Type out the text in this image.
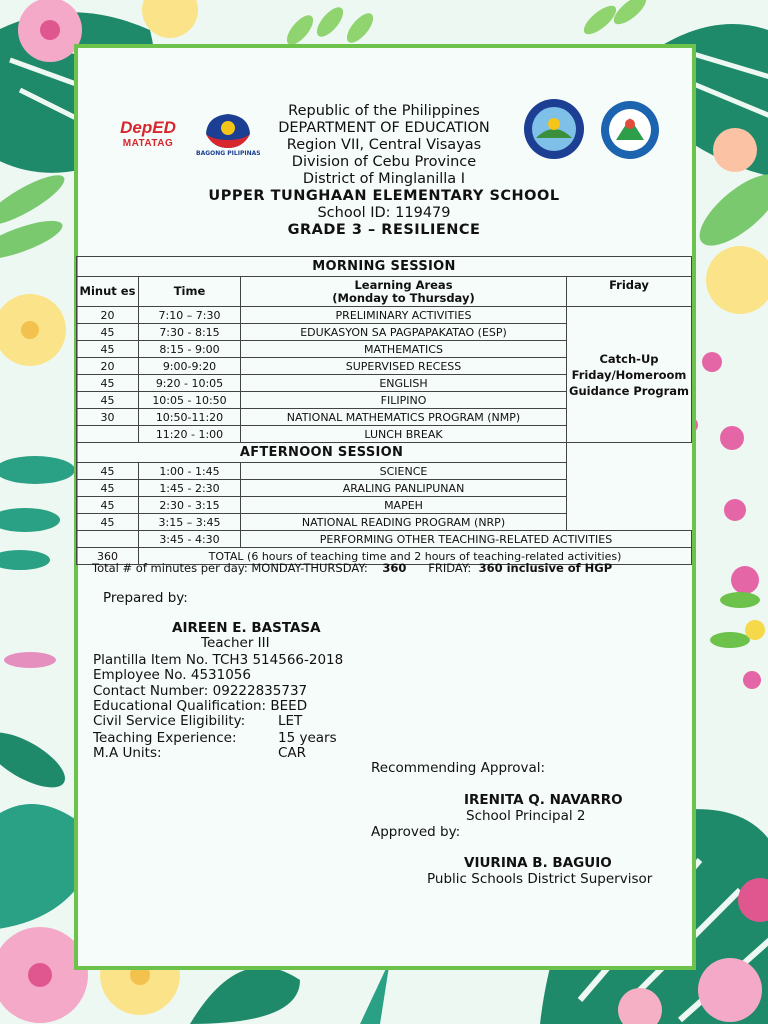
DepED
MATATAG
BAGONG PILIPINAS
Republic of the Philippines
DEPARTMENT OF EDUCATION
Region VII, Central Visayas
Division of Cebu Province
District of Minglanilla I
UPPER TUNGHAAN ELEMENTARY SCHOOL
School ID: 119479
GRADE 3 – RESILIENCE
MORNING SESSION			
Minut es	Time	Learning Areas
(Monday to Thursday)	Friday
20	7:10 – 7:30	PRELIMINARY ACTIVITIES	Catch-Up
Friday/Homeroom
Guidance Program

45	7:30 - 8:15	EDUKASYON SA PAGPAPAKATAO (ESP)	
45	8:15 - 9:00	MATHEMATICS	
20	9:00-9:20	SUPERVISED RECESS	
45	9:20 - 10:05	ENGLISH	
45	10:05 - 10:50	FILIPINO	
30	10:50-11:20	NATIONAL MATHEMATICS PROGRAM (NMP)	
	11:20 - 1:00	LUNCH BREAK	
AFTERNOON SESSION			
45	1:00 - 1:45	SCIENCE	
45	1:45 - 2:30	ARALING PANLIPUNAN	
45	2:30 - 3:15	MAPEH	
45	3:15 – 3:45	NATIONAL READING PROGRAM (NRP)	
	3:45 - 4:30	PERFORMING OTHER TEACHING-RELATED ACTIVITIES	
360	TOTAL (6 hours of teaching time and 2 hours of teaching-related activities)		
Total # of minutes per day: MONDAY-THURSDAY: 360 FRIDAY: 360 inclusive of HGP
Prepared by:
AIREEN E. BASTASA
Teacher III
Plantilla Item No. TCH3 514566-2018
Employee No. 4531056
Contact Number: 09222835737
Educational Qualification: BEED
Civil Service Eligibility: LET
Teaching Experience:	15 years
M.A Units:	CAR
Recommending Approval:
IRENITA Q. NAVARRO
School Principal 2
Approved by:
VIURINA B. BAGUIO
Public Schools District Supervisor
